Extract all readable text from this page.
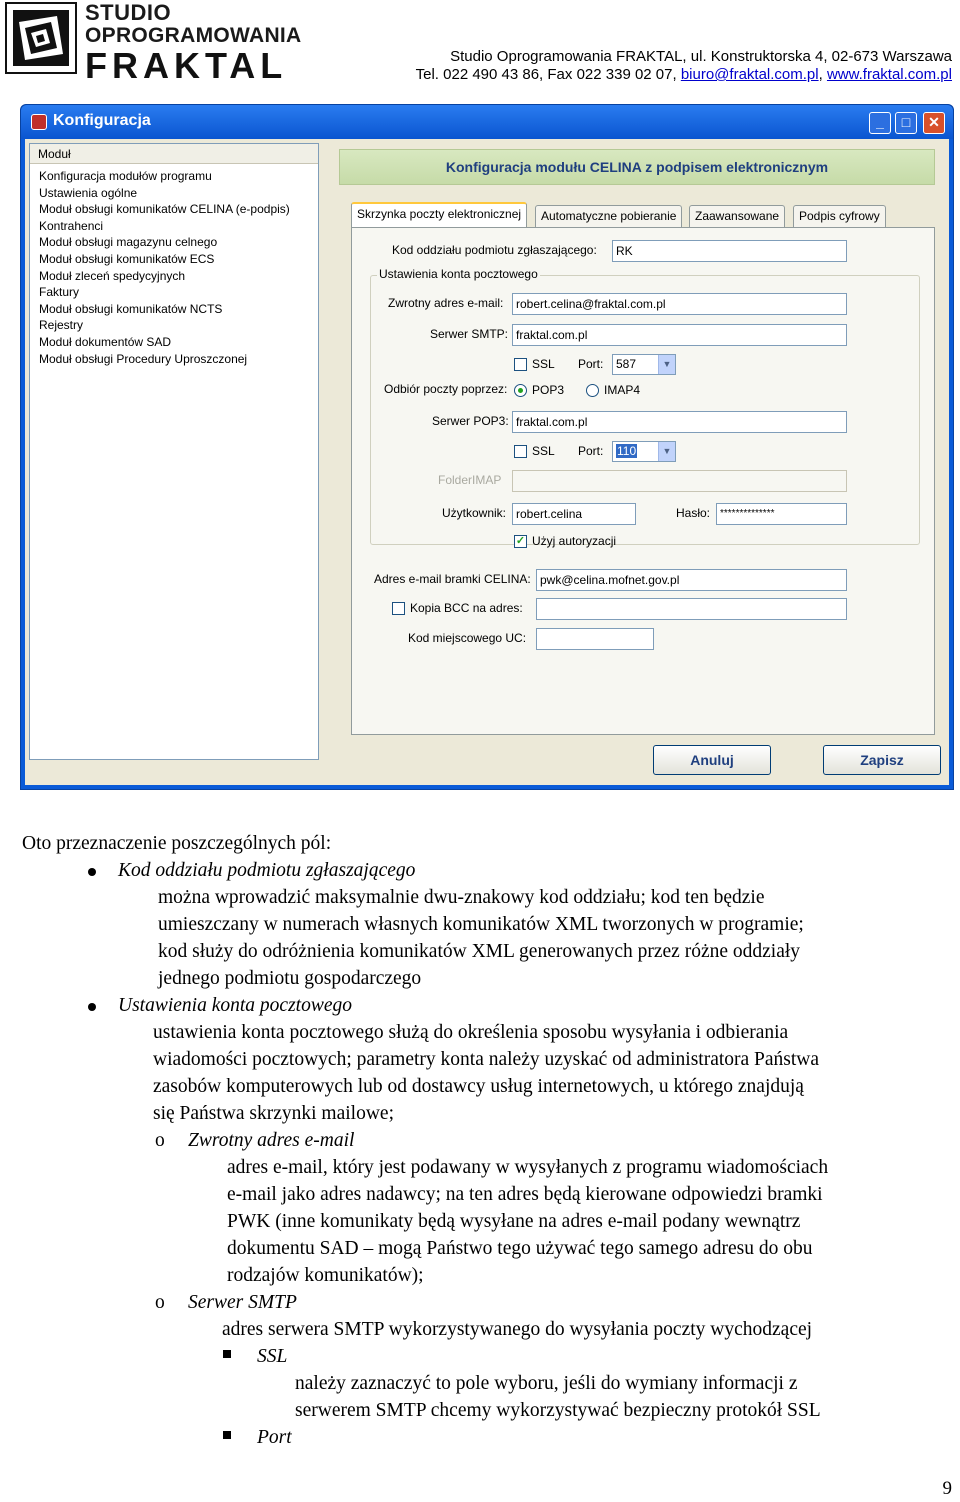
STUDIO
OPROGRAMOWANIA
FRAKTAL	Studio Oprogramowania FRAKTAL, ul. Konstruktorska 4, 02-673 Warszawa
Tel. 022 490 43 86, Fax 022 339 02 07, biuro@fraktal.com.pl, www.fraktal.com.pl
Konfiguracja	_	□	✕
Moduł
Konfiguracja modułów programu
Ustawienia ogólne
Moduł obsługi komunikatów CELINA (e-podpis)
Kontrahenci
Moduł obsługi magazynu celnego
Moduł obsługi komunikatów ECS
Moduł zleceń spedycyjnych
Faktury
Moduł obsługi komunikatów NCTS
Rejestry
Moduł dokumentów SAD
Moduł obsługi Procedury Uproszczonej
Konfiguracja modułu CELINA z podpisem elektronicznym
Skrzynka poczty elektronicznej	Automatyczne pobieranie	Zaawansowane	Podpis cyfrowy
Kod oddziału podmiotu zgłaszającego:	RK
Ustawienia konta pocztowego
Zwrotny adres e-mail:	robert.celina@fraktal.com.pl
Serwer SMTP: fraktal.com.pl
SSL Port:	587	▼
Odbiór poczty poprzez: POP3	IMAP4
Serwer POP3: fraktal.com.pl
SSL Port:	110	▼
FolderIMAP
Użytkownik: robert.celina	Hasło: **************
✓ Użyj autoryzacji
Adres e-mail bramki CELINA: pwk@celina.mofnet.gov.pl
Kopia BCC na adres:
Kod miejscowego UC:
Anuluj	Zapisz
Oto przeznaczenie poszczególnych pól:
Kod oddziału podmiotu zgłaszającego
można wprowadzić maksymalnie dwu-znakowy kod oddziału; kod ten będzie
umieszczany w numerach własnych komunikatów XML tworzonych w programie;
kod służy do odróżnienia komunikatów XML generowanych przez różne oddziały
jednego podmiotu gospodarczego
Ustawienia konta pocztowego
ustawienia konta pocztowego służą do określenia sposobu wysyłania i odbierania
wiadomości pocztowych; parametry konta należy uzyskać od administratora Państwa
zasobów komputerowych lub od dostawcy usług internetowych, u którego znajdują
się Państwa skrzynki mailowe;
o Zwrotny adres e-mail
adres e-mail, który jest podawany w wysyłanych z programu wiadomościach
e-mail jako adres nadawcy; na ten adres będą kierowane odpowiedzi bramki
PWK (inne komunikaty będą wysyłane na adres e-mail podany wewnątrz
dokumentu SAD – mogą Państwo tego używać tego samego adresu do obu
rodzajów komunikatów);
o Serwer SMTP
adres serwera SMTP wykorzystywanego do wysyłania poczty wychodzącej
SSL
należy zaznaczyć to pole wyboru, jeśli do wymiany informacji z
serwerem SMTP chcemy wykorzystywać bezpieczny protokół SSL
Port
9
